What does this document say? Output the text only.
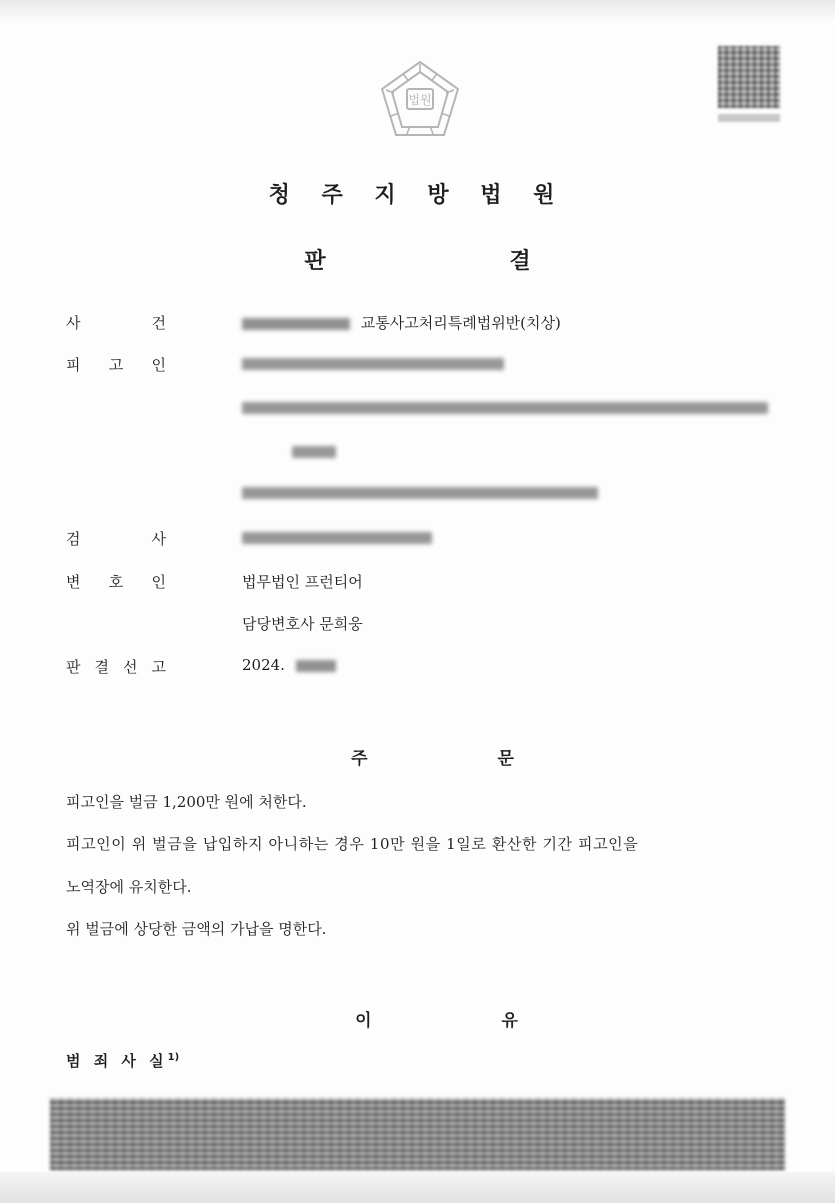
법원
청 주 지 방 법 원
판 결
사	건	교통사고처리특례법위반(치상)
피 고 인
검	사
변 호 인	법무법인 프런티어
담당변호사 문희웅
판 결 선 고	2024.
주 문
피고인을 벌금 1,200만 원에 처한다.
피고인이 위 벌금을 납입하지 아니하는 경우 10만 원을 1일로 환산한 기간 피고인을
노역장에 유치한다.
위 벌금에 상당한 금액의 가납을 명한다.
이 유
범 죄 사 실$^{1)}$
